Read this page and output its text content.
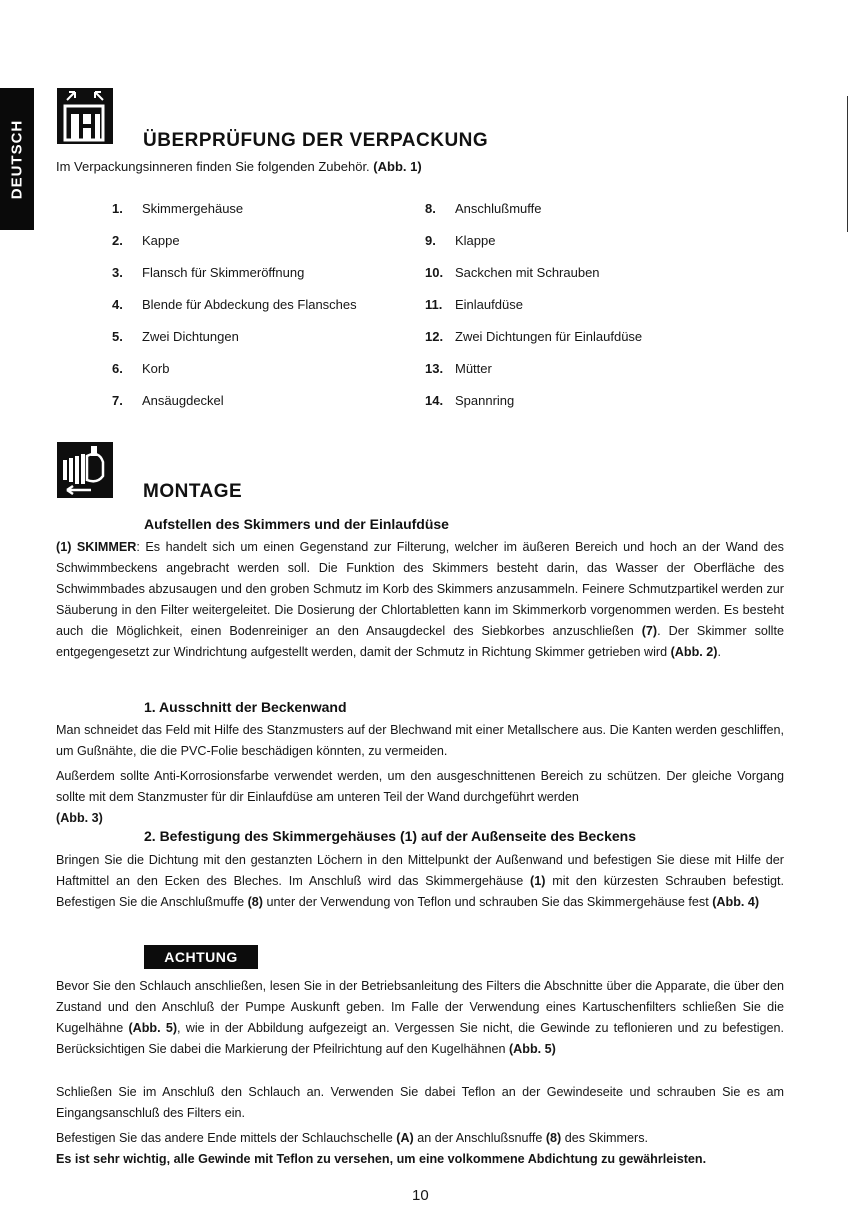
DEUTSCH	ÜBERPRÜFUNG DER VERPACKUNG
Im Verpackungsinneren finden Sie folgenden Zubehör. (Abb. 1)
1. Skimmergehäuse
2. Kappe
3. Flansch für Skimmeröffnung
4. Blende für Abdeckung des Flansches
5. Zwei Dichtungen
6. Korb
7. Ansäugdeckel
8. Anschlußmuffe
9. Klappe
10. Sackchen mit Schrauben
11. Einlaufdüse
12. Zwei Dichtungen für Einlaufdüse
13. Mütter
14. Spannring
MONTAGE
Aufstellen des Skimmers und der Einlaufdüse

(1) SKIMMER: Es handelt sich um einen Gegenstand zur Filterung, welcher im äußeren Bereich und hoch an der Wand des Schwimmbeckens angebracht werden soll. Die Funktion des Skimmers besteht darin, das Wasser der Oberfläche des Schwimmbades abzusaugen und den groben Schmutz im Korb des Skimmers anzusammeln. Feinere Schmutzpartikel werden zur Säuberung in den Filter weitergeleitet. Die Dosierung der Chlortabletten kann im Skimmerkorb vorgenommen werden. Es besteht auch die Möglichkeit, einen Bodenreiniger an den Ansaugdeckel des Siebkorbes anzuschließen (7). Der Skimmer sollte entgegengesetzt zur Windrichtung aufgestellt werden, damit der Schmutz in Richtung Skimmer getrieben wird (Abb. 2).

1. Ausschnitt der Beckenwand

Man schneidet das Feld mit Hilfe des Stanzmusters auf der Blechwand mit einer Metallschere aus. Die Kanten werden geschliffen, um Gußnähte, die die PVC-Folie beschädigen könnten, zu vermeiden.

Außerdem sollte Anti-Korrosionsfarbe verwendet werden, um den ausgeschnittenen Bereich zu schützen. Der gleiche Vorgang sollte mit dem Stanzmuster für dir Einlaufdüse am unteren Teil der Wand durchgeführt werden
(Abb. 3)

2. Befestigung des Skimmergehäuses (1) auf der Außenseite des Beckens

Bringen Sie die Dichtung mit den gestanzten Löchern in den Mittelpunkt der Außenwand und befestigen Sie diese mit Hilfe der Haftmittel an den Ecken des Bleches. Im Anschluß wird das Skimmergehäuse (1) mit den kürzesten Schrauben befestigt. Befestigen Sie die Anschlußmuffe (8) unter der Verwendung von Teflon und schrauben Sie das Skimmergehäuse fest (Abb. 4)

ACHTUNG

Bevor Sie den Schlauch anschließen, lesen Sie in der Betriebsanleitung des Filters die Abschnitte über die Apparate, die über den Zustand und den Anschluß der Pumpe Auskunft geben. Im Falle der Verwendung eines Kartuschenfilters schließen Sie die Kugelhähne (Abb. 5), wie in der Abbildung aufgezeigt an. Vergessen Sie nicht, die Gewinde zu teflonieren und zu befestigen. Berücksichtigen Sie dabei die Markierung der Pfeilrichtung auf den Kugelhähnen (Abb. 5)

Schließen Sie im Anschluß den Schlauch an. Verwenden Sie dabei Teflon an der Gewindeseite und schrauben Sie es am Eingangsanschluß des Filters ein.

Befestigen Sie das andere Ende mittels der Schlauchschelle (A) an der Anschlußsnuffe (8) des Skimmers.

Es ist sehr wichtig, alle Gewinde mit Teflon zu versehen, um eine volkommene Abdichtung zu gewährleisten.

10
